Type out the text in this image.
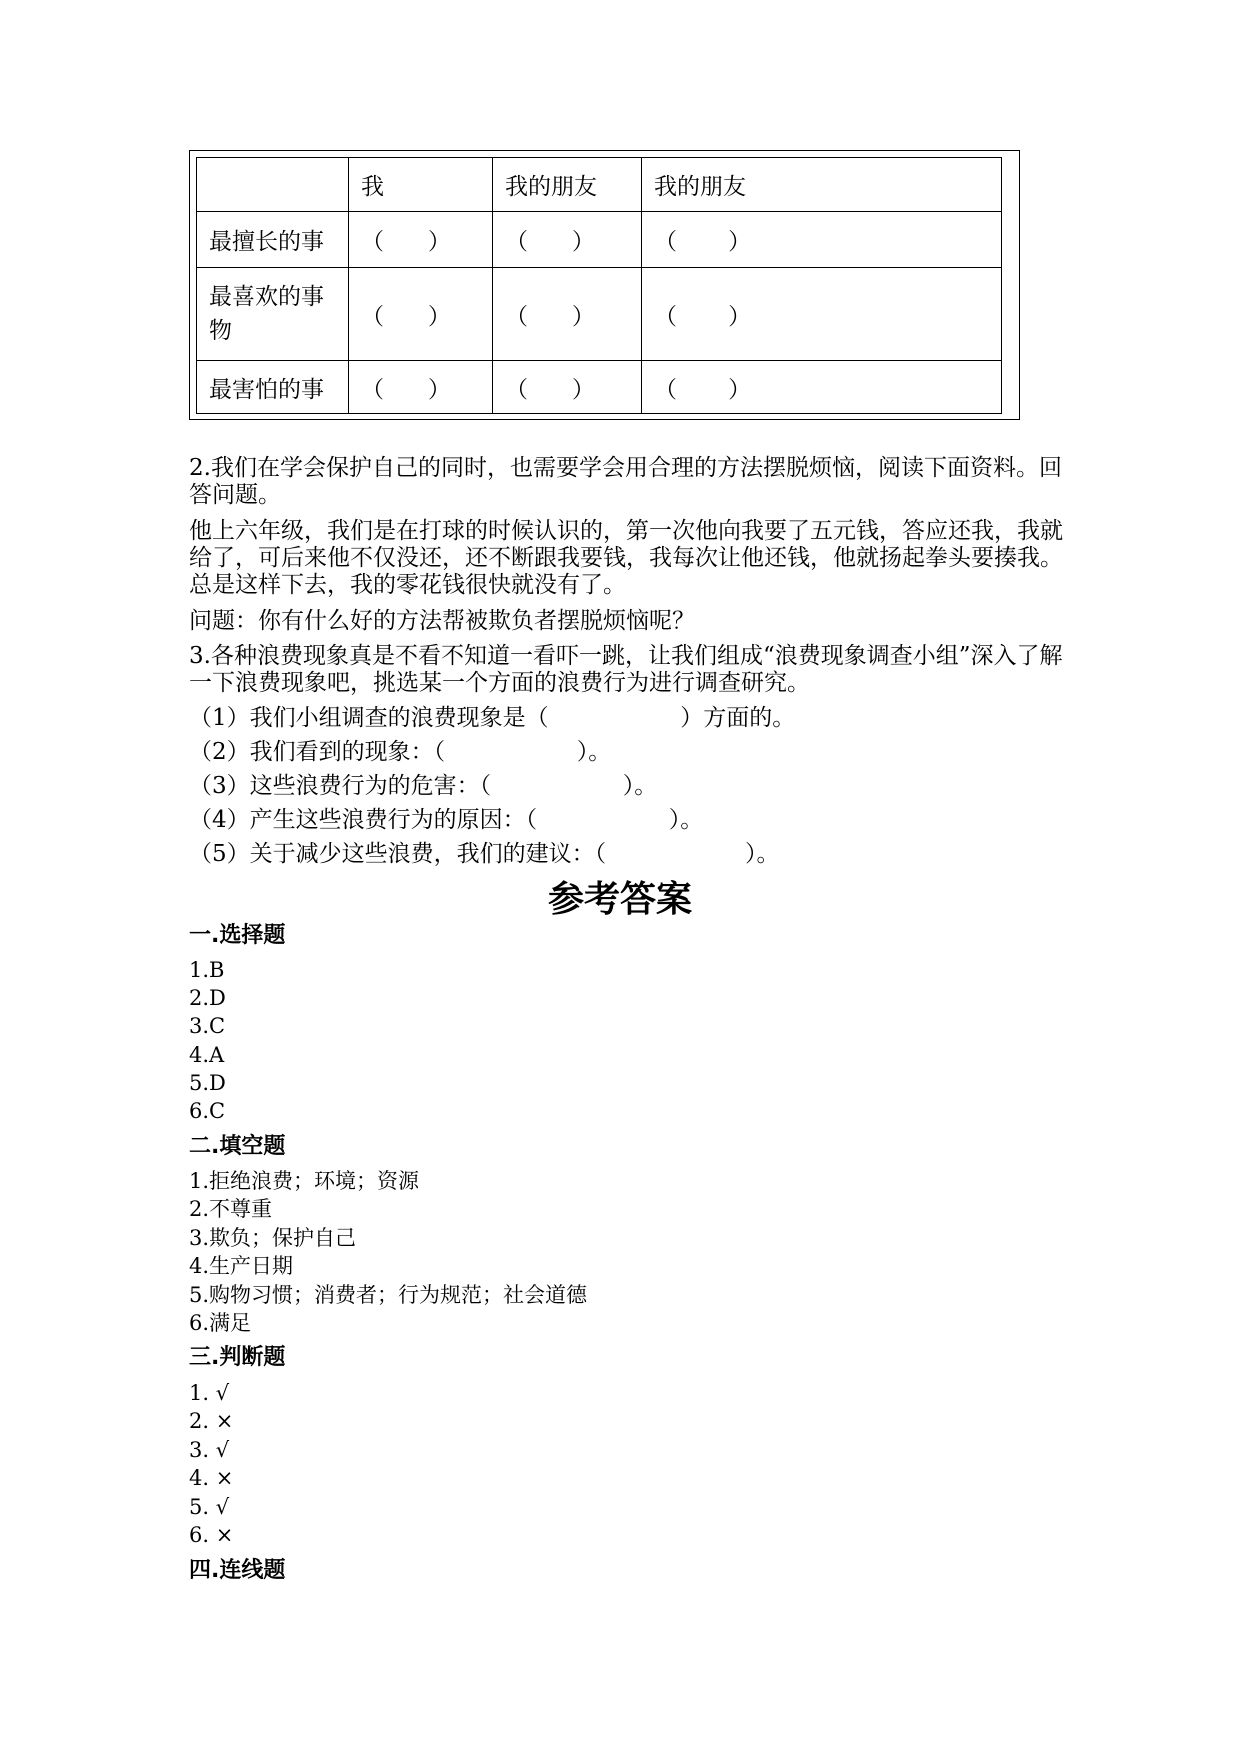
	我	我的朋友	我的朋友
最擅长的事	（      ）	（      ）	（       ）
最喜欢的事物	（      ）	（      ）	（       ）
最害怕的事	（      ）	（      ）	（       ）

2.我们在学会保护自己的同时，也需要学会用合理的方法摆脱烦恼，阅读下面资料。回答问题。

他上六年级，我们是在打球的时候认识的，第一次他向我要了五元钱，答应还我，我就给了，可后来他不仅没还，还不断跟我要钱，我每次让他还钱，他就扬起拳头要揍我。总是这样下去，我的零花钱很快就没有了。

问题：你有什么好的方法帮被欺负者摆脱烦恼呢？

3.各种浪费现象真是不看不知道一看吓一跳，让我们组成“浪费现象调查小组”深入了解一下浪费现象吧，挑选某一个方面的浪费行为进行调查研究。

（1）我们小组调查的浪费现象是（                  ）方面的。

（2）我们看到的现象：（                  ）。

（3）这些浪费行为的危害：（                  ）。

（4）产生这些浪费行为的原因：（                  ）。

（5）关于减少这些浪费，我们的建议：（                   ）。

参考答案
一.选择题

1.B

2.D

3.C

4.A

5.D

6.C

二.填空题

1.拒绝浪费；环境；资源

2.不尊重

3.欺负；保护自己

4.生产日期

5.购物习惯；消费者；行为规范；社会道德

6.满足

三.判断题

1. √

2. ×

3. √

4. ×

5. √

6. ×

四.连线题
